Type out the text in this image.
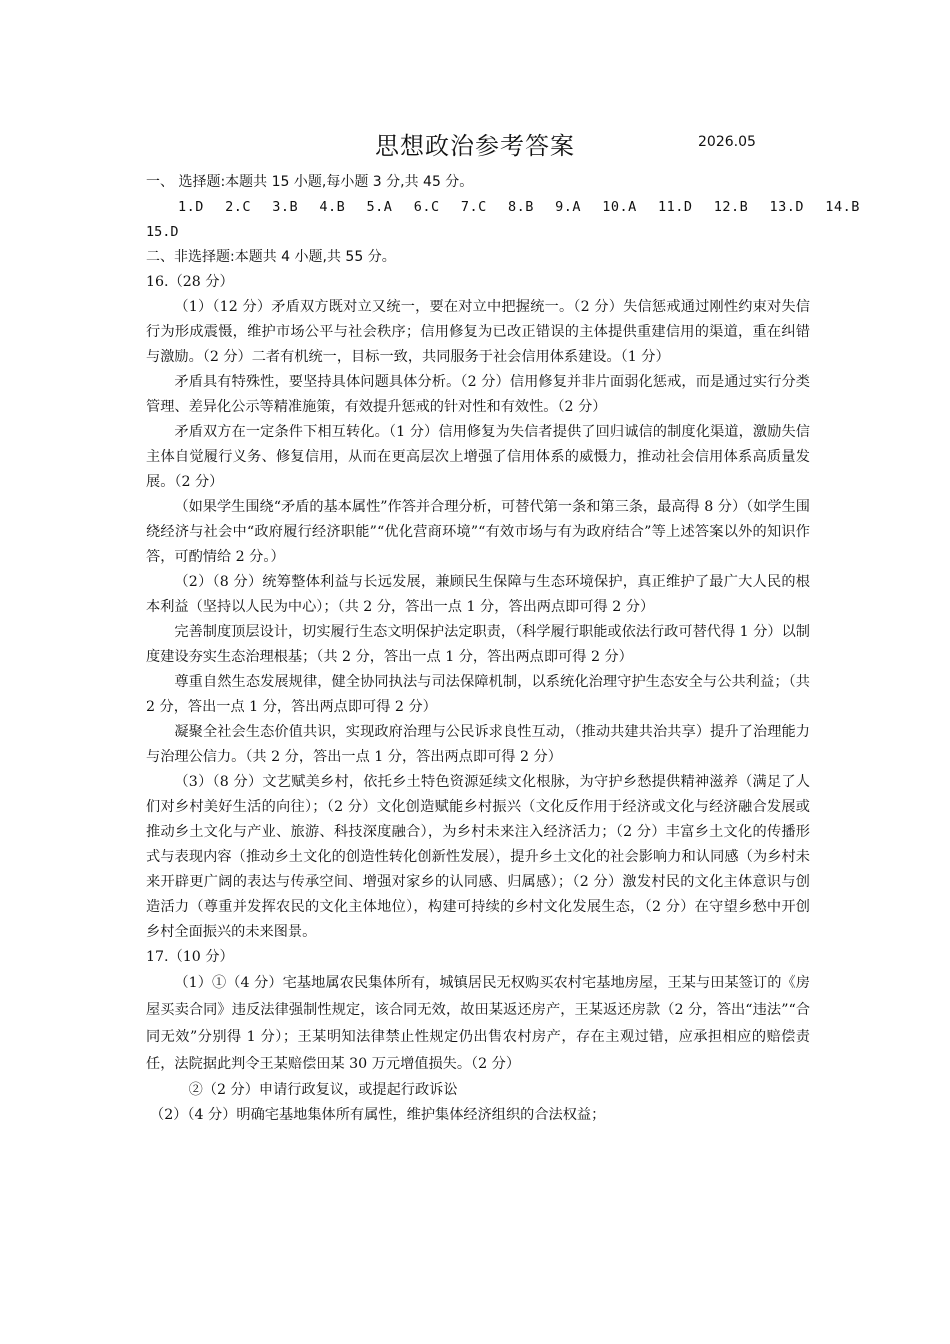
思想政治参考答案	2026.05
一、 选择题:本题共 15 小题,每小题 3 分,共 45 分。
1.D  2.C  3.B  4.B  5.A  6.C  7.C  8.B  9.A  10.A  11.D  12.B  13.D  14.B
15.D
二、非选择题:本题共 4 小题,共 55 分。
16.（28 分）
（1）（12 分）矛盾双方既对立又统一，要在对立中把握统一。（2 分）失信惩戒通过刚性约束对失信行为形成震慑，维护市场公平与社会秩序；信用修复为已改正错误的主体提供重建信用的渠道，重在纠错与激励。（2 分）二者有机统一，目标一致，共同服务于社会信用体系建设。（1 分）
矛盾具有特殊性，要坚持具体问题具体分析。（2 分）信用修复并非片面弱化惩戒，而是通过实行分类管理、差异化公示等精准施策，有效提升惩戒的针对性和有效性。（2 分）
矛盾双方在一定条件下相互转化。（1 分）信用修复为失信者提供了回归诚信的制度化渠道，激励失信主体自觉履行义务、修复信用，从而在更高层次上增强了信用体系的威慑力，推动社会信用体系高质量发展。（2 分）
（如果学生围绕“矛盾的基本属性”作答并合理分析，可替代第一条和第三条，最高得 8 分）（如学生围绕经济与社会中“政府履行经济职能”“优化营商环境”“有效市场与有为政府结合”等上述答案以外的知识作答，可酌情给 2 分。）
（2）（8 分）统筹整体利益与长远发展，兼顾民生保障与生态环境保护，真正维护了最广大人民的根本利益（坚持以人民为中心）；（共 2 分，答出一点 1 分，答出两点即可得 2 分）
完善制度顶层设计，切实履行生态文明保护法定职责，（科学履行职能或依法行政可替代得 1 分）以制度建设夯实生态治理根基；（共 2 分，答出一点 1 分，答出两点即可得 2 分）
尊重自然生态发展规律，健全协同执法与司法保障机制，以系统化治理守护生态安全与公共利益；（共 2 分，答出一点 1 分，答出两点即可得 2 分）
凝聚全社会生态价值共识，实现政府治理与公民诉求良性互动，（推动共建共治共享）提升了治理能力与治理公信力。（共 2 分，答出一点 1 分，答出两点即可得 2 分）
（3）（8 分）文艺赋美乡村，依托乡土特色资源延续文化根脉，为守护乡愁提供精神滋养（满足了人们对乡村美好生活的向往）；（2 分）文化创造赋能乡村振兴（文化反作用于经济或文化与经济融合发展或推动乡土文化与产业、旅游、科技深度融合），为乡村未来注入经济活力；（2 分）丰富乡土文化的传播形式与表现内容（推动乡土文化的创造性转化创新性发展），提升乡土文化的社会影响力和认同感（为乡村未来开辟更广阔的表达与传承空间、增强对家乡的认同感、归属感）；（2 分）激发村民的文化主体意识与创造活力（尊重并发挥农民的文化主体地位），构建可持续的乡村文化发展生态，（2 分）在守望乡愁中开创乡村全面振兴的未来图景。
17.（10 分）
（1）①（4 分）宅基地属农民集体所有，城镇居民无权购买农村宅基地房屋，王某与田某签订的《房屋买卖合同》违反法律强制性规定，该合同无效，故田某返还房产，王某返还房款（2 分，答出“违法”“合同无效”分别得 1 分）；王某明知法律禁止性规定仍出售农村房产，存在主观过错，应承担相应的赔偿责任，法院据此判令王某赔偿田某 30 万元增值损失。（2 分）
②（2 分）申请行政复议，或提起行政诉讼
（2）（4 分）明确宅基地集体所有属性，维护集体经济组织的合法权益；
